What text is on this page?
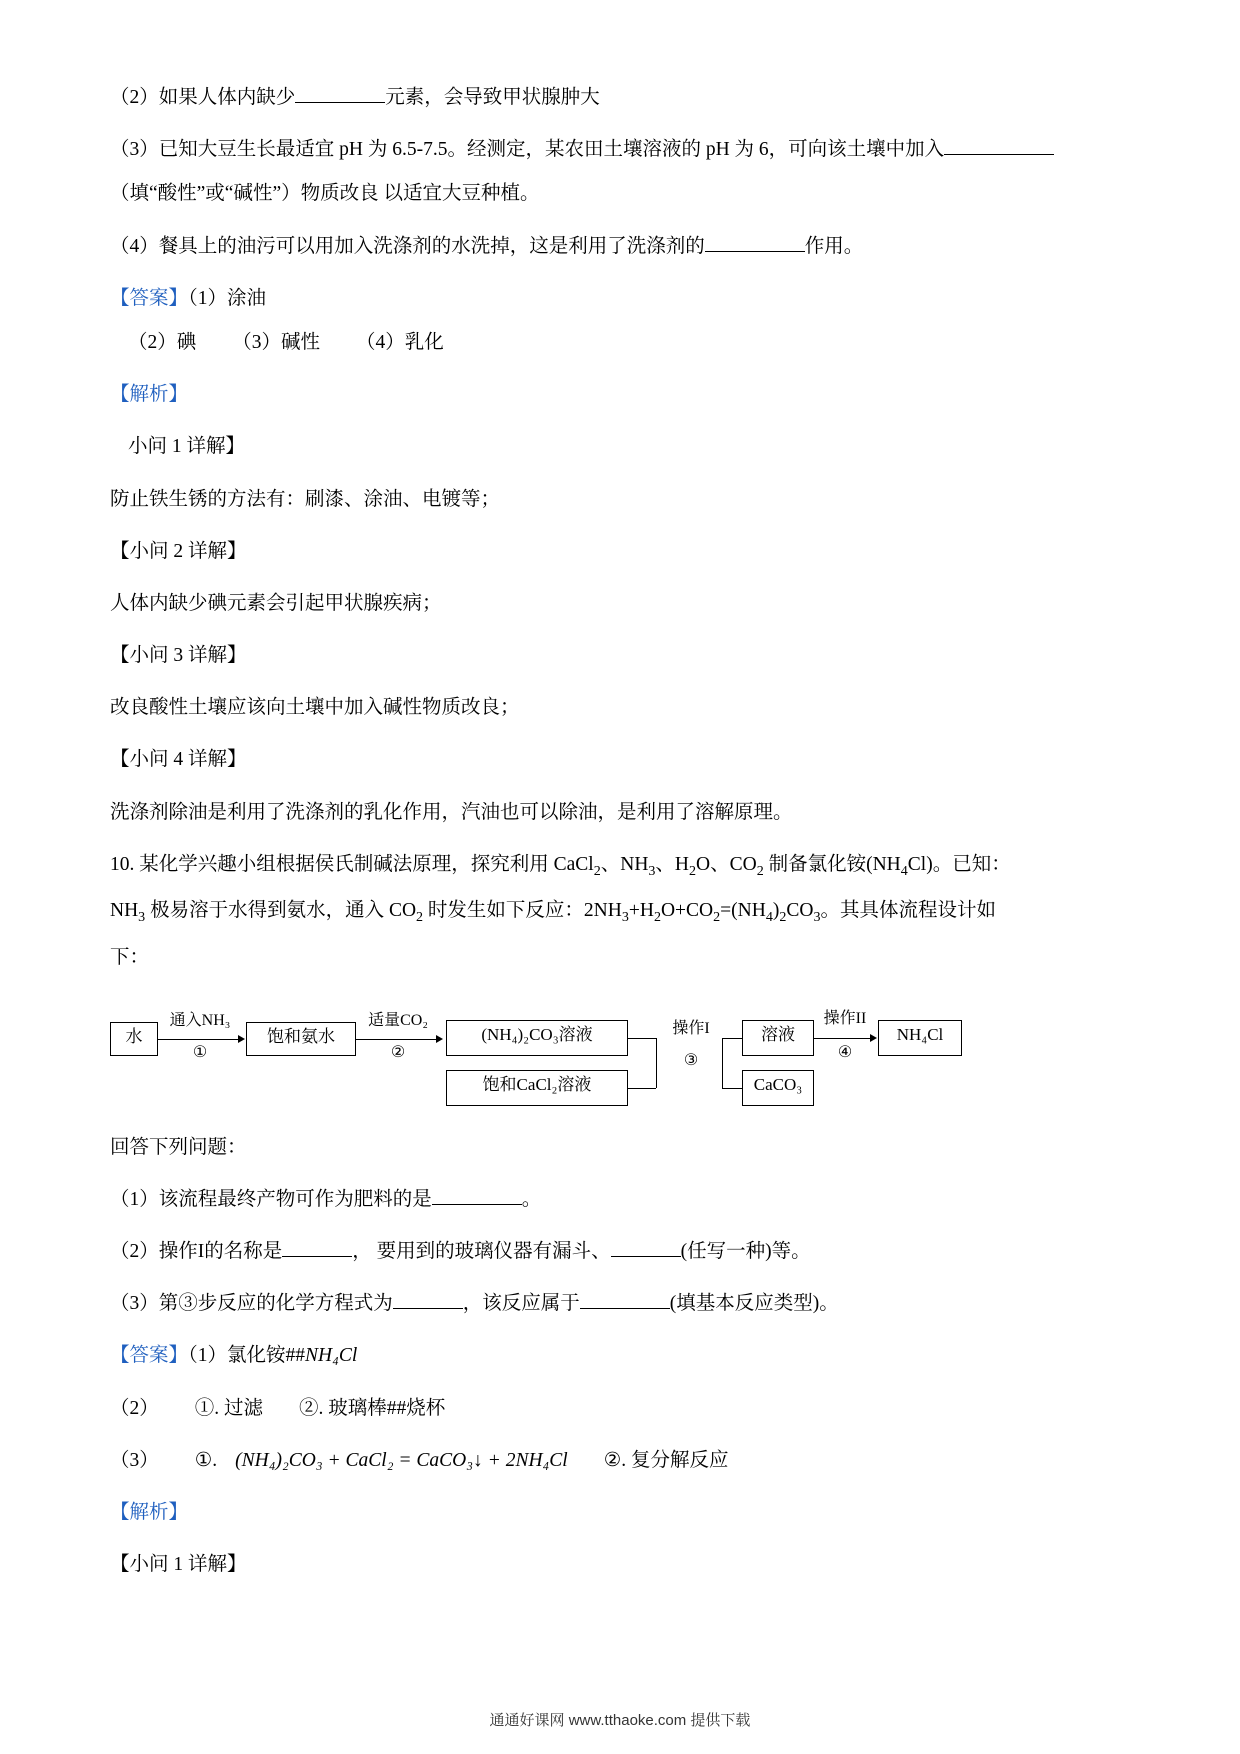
（2）如果人体内缺少	元素，会导致甲状腺肿大

（3）已知大豆生长最适宜 pH 为 6.5-7.5。经测定，某农田土壤溶液的 pH 为 6，可向该土壤中加入

（填“酸性”或“碱性”）物质改良 以适宜大豆种植。

（4）餐具上的油污可以用加入洗涤剂的水洗掉，这是利用了洗涤剂的	作用。

【答案】（1）涂油

（2）碘 （3）碱性 （4）乳化

【解析】

小问 1 详解】

防止铁生锈的方法有：刷漆、涂油、电镀等；

【小问 2 详解】

人体内缺少碘元素会引起甲状腺疾病；

【小问 3 详解】

改良酸性土壤应该向土壤中加入碱性物质改良；

【小问 4 详解】

洗涤剂除油是利用了洗涤剂的乳化作用，汽油也可以除油，是利用了溶解原理。

10. 某化学兴趣小组根据侯氏制碱法原理，探究利用 CaCl$_2$、$NH_3$、$H_2O$、$CO_2$ 制备氯化铵$(NH_4Cl)$。已知：

$NH_3$ 极易溶于水得到氨水，通入 $CO_2$ 时发生如下反应：$2NH_3+H_2O+CO_2=(NH_4)_2CO_3$。其具体流程设计如

下：

水
通入NH₃
①
饱和氨水
适量CO₂
②
(NH₄)₂CO₃溶液
饱和CaCl₂溶液
操作I
③
溶液
CaCO₃
操作II
④
NH₄Cl

回答下列问题：

（1）该流程最终产物可作为肥料的是	。

（2）操作I的名称是	， 要用到的玻璃仪器有漏斗、	(任写一种)等。

（3）第③步反应的化学方程式为	，该反应属于	(填基本反应类型)。

【答案】（1）氯化铵##NH₄Cl

（2） ①. 过滤 ②. 玻璃棒##烧杯

（3） ①. (NH₄)₂CO₃ + CaCl₂ = CaCO₃↓ + 2NH₄Cl ②. 复分解反应

【解析】

【小问 1 详解】

通通好课网 www.tthaoke.com 提供下载
